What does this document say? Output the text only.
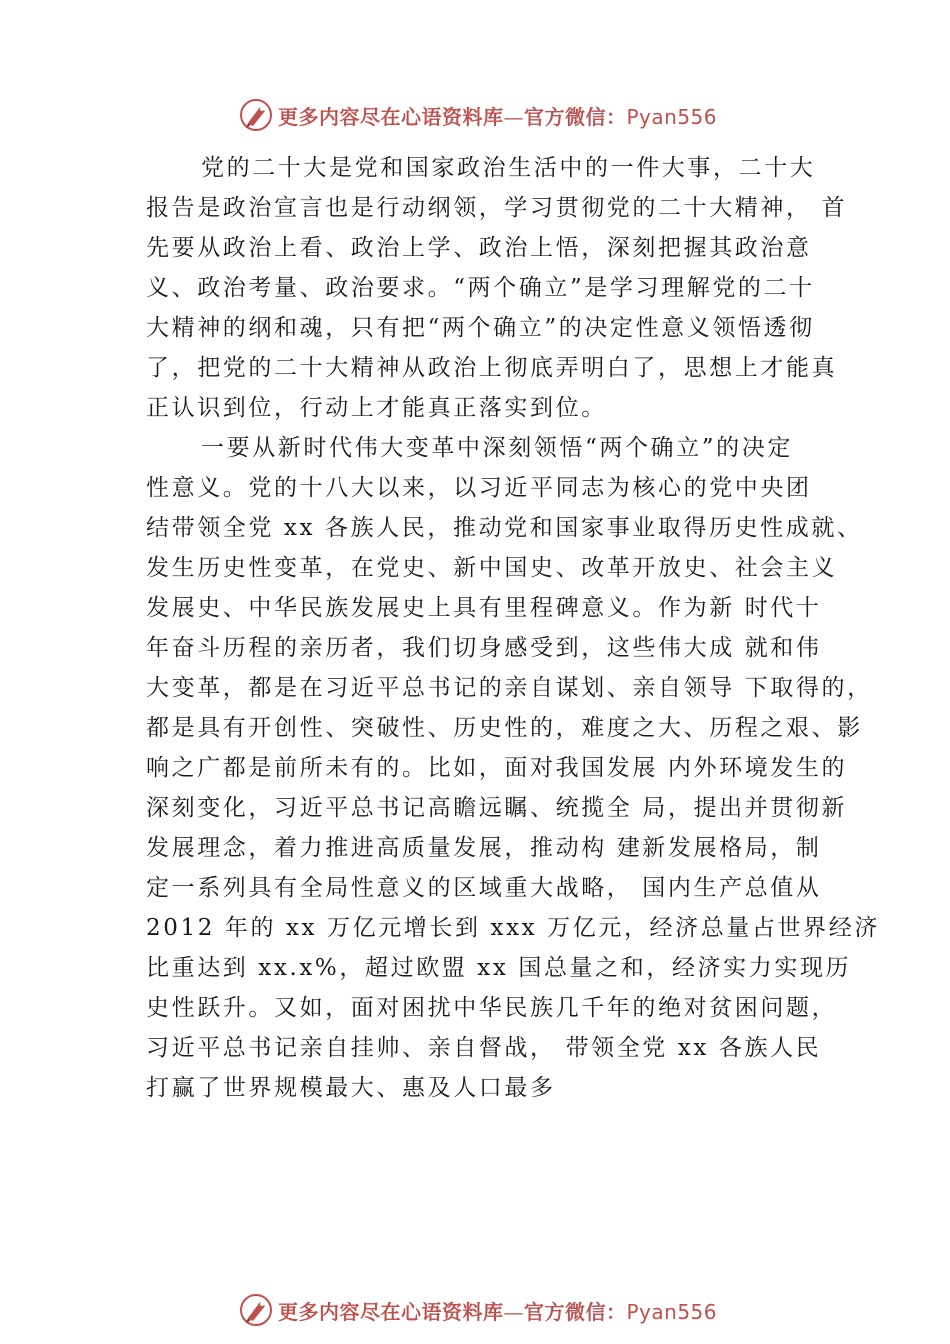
更多内容尽在心语资料库—官方微信：Pyan556
党的二十大是党和国家政治生活中的一件大事，二十大
报告是政治宣言也是行动纲领，学习贯彻党的二十大精神， 首
先要从政治上看、政治上学、政治上悟，深刻把握其政治意
义、政治考量、政治要求。“两个确立”是学习理解党的二十
大精神的纲和魂，只有把“两个确立”的决定性意义领悟透彻
了，把党的二十大精神从政治上彻底弄明白了，思想上才能真
正认识到位，行动上才能真正落实到位。
一要从新时代伟大变革中深刻领悟“两个确立”的决定
性意义。党的十八大以来，以习近平同志为核心的党中央团
结带领全党 xx 各族人民，推动党和国家事业取得历史性成就、
发生历史性变革，在党史、新中国史、改革开放史、社会主义
发展史、中华民族发展史上具有里程碑意义。作为新 时代十
年奋斗历程的亲历者，我们切身感受到，这些伟大成 就和伟
大变革，都是在习近平总书记的亲自谋划、亲自领导 下取得的，
都是具有开创性、突破性、历史性的，难度之大、历程之艰、影
响之广都是前所未有的。比如，面对我国发展 内外环境发生的
深刻变化，习近平总书记高瞻远瞩、统揽全 局，提出并贯彻新
发展理念，着力推进高质量发展，推动构 建新发展格局，制
定一系列具有全局性意义的区域重大战略， 国内生产总值从
2012 年的 xx 万亿元增长到 xxx 万亿元，经济总量占世界经济
比重达到 xx.x%，超过欧盟 xx 国总量之和，经济实力实现历
史性跃升。又如，面对困扰中华民族几千年的绝对贫困问题，
习近平总书记亲自挂帅、亲自督战， 带领全党 xx 各族人民
打赢了世界规模最大、惠及人口最多
更多内容尽在心语资料库—官方微信：Pyan556
